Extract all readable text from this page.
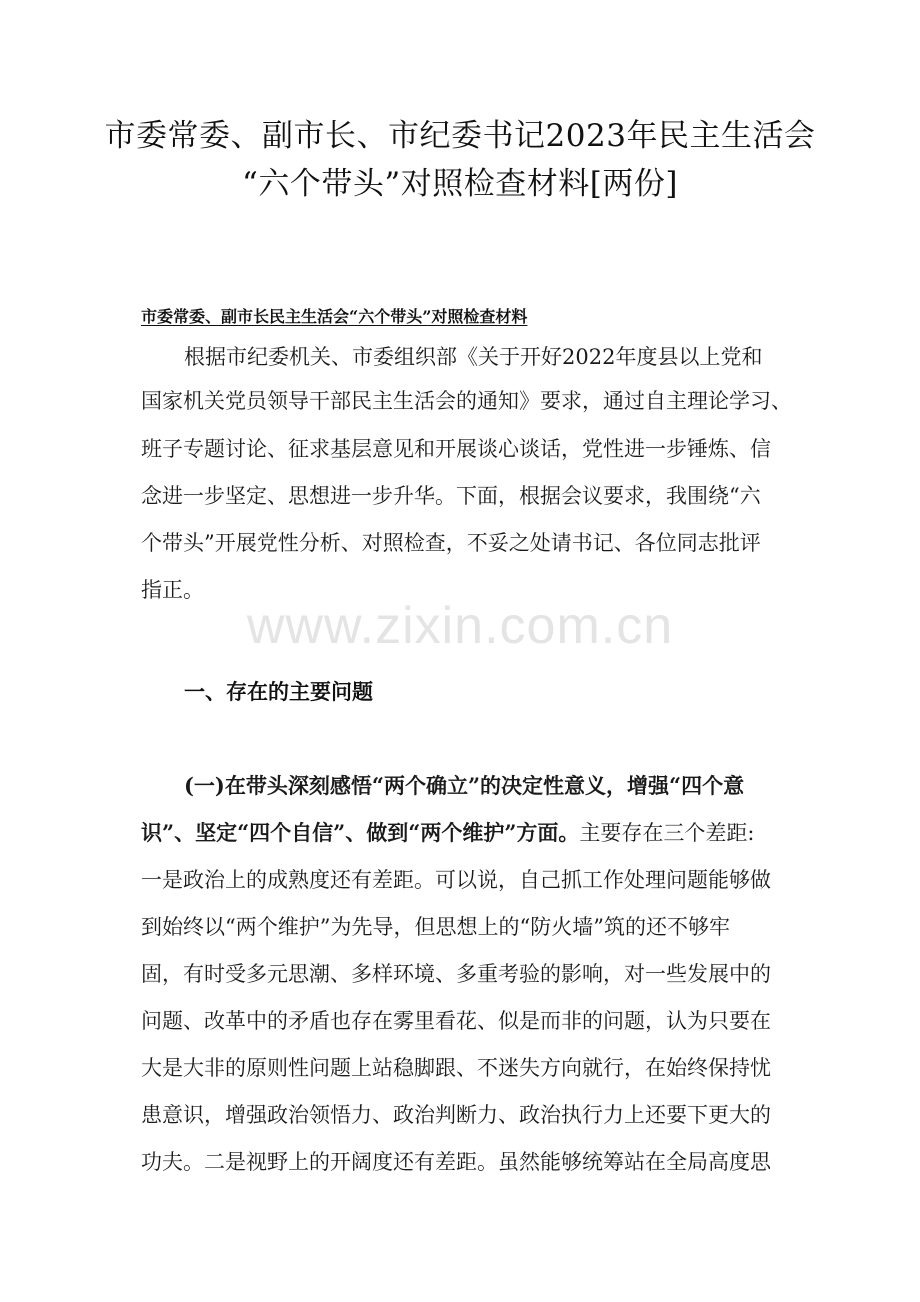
市委常委、副市长、市纪委书记2023年民主生活会
“六个带头”对照检查材料[两份]
市委常委、副市长民主生活会“六个带头”对照检查材料
根据市纪委机关、市委组织部《关于开好2022年度县以上党和
国家机关党员领导干部民主生活会的通知》要求，通过自主理论学习、
班子专题讨论、征求基层意见和开展谈心谈话，党性进一步锤炼、信
念进一步坚定、思想进一步升华。下面，根据会议要求，我围绕“六
个带头”开展党性分析、对照检查，不妥之处请书记、各位同志批评
指正。
www.zixin.com.cn
一、存在的主要问题
(一)在带头深刻感悟“两个确立”的决定性意义，增强“四个意
识”、坚定“四个自信”、做到“两个维护”方面。主要存在三个差距:
一是政治上的成熟度还有差距。可以说，自己抓工作处理问题能够做
到始终以“两个维护”为先导，但思想上的“防火墙”筑的还不够牢
固，有时受多元思潮、多样环境、多重考验的影响，对一些发展中的
问题、改革中的矛盾也存在雾里看花、似是而非的问题，认为只要在
大是大非的原则性问题上站稳脚跟、不迷失方向就行，在始终保持忧
患意识，增强政治领悟力、政治判断力、政治执行力上还要下更大的
功夫。二是视野上的开阔度还有差距。虽然能够统筹站在全局高度思
